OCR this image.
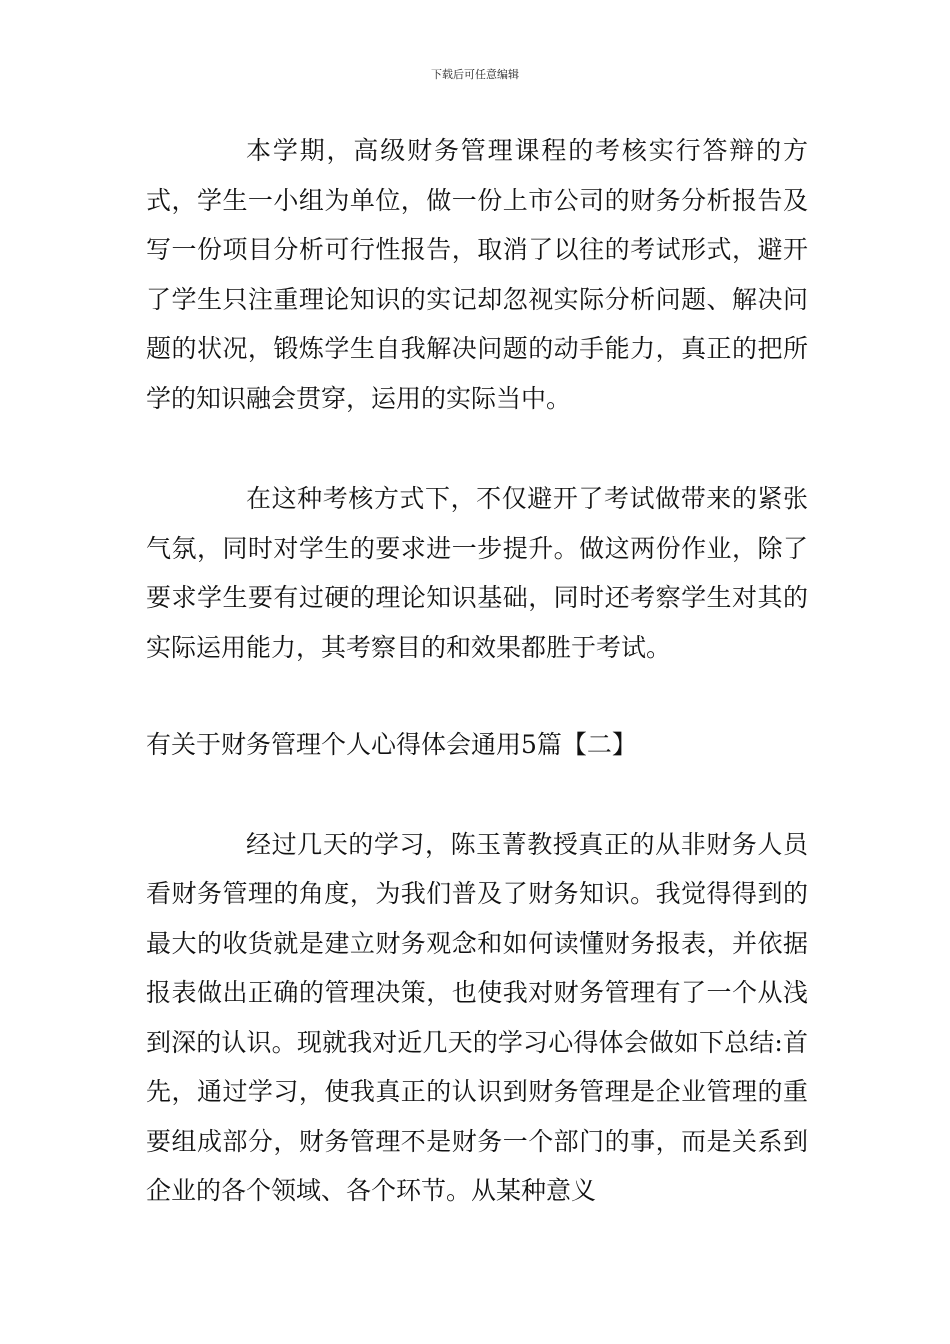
下载后可任意编辑

本学期，高级财务管理课程的考核实行答辩的方式，学生一小组为单位，做一份上市公司的财务分析报告及写一份项目分析可行性报告，取消了以往的考试形式，避开了学生只注重理论知识的实记却忽视实际分析问题、解决问题的状况，锻炼学生自我解决问题的动手能力，真正的把所学的知识融会贯穿，运用的实际当中。

在这种考核方式下，不仅避开了考试做带来的紧张气氛，同时对学生的要求进一步提升。做这两份作业，除了要求学生要有过硬的理论知识基础，同时还考察学生对其的实际运用能力，其考察目的和效果都胜于考试。

有关于财务管理个人心得体会通用5篇【二】

经过几天的学习，陈玉菁教授真正的从非财务人员看财务管理的角度，为我们普及了财务知识。我觉得得到的最大的收货就是建立财务观念和如何读懂财务报表，并依据报表做出正确的管理决策，也使我对财务管理有了一个从浅到深的认识。现就我对近几天的学习心得体会做如下总结:首先，通过学习，使我真正的认识到财务管理是企业管理的重要组成部分，财务管理不是财务一个部门的事，而是关系到企业的各个领域、各个环节。从某种意义
